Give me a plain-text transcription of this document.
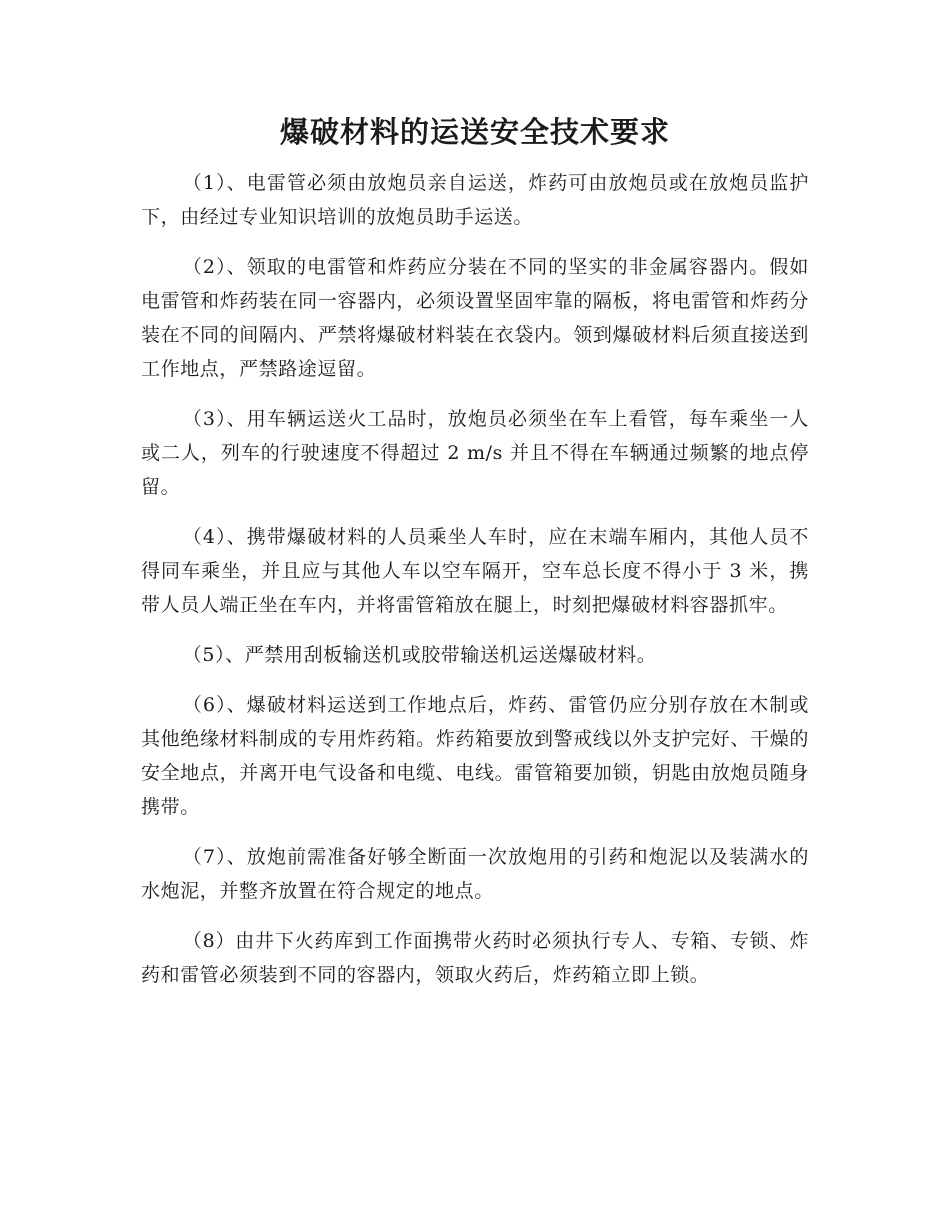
爆破材料的运送安全技术要求

（1）、电雷管必须由放炮员亲自运送，炸药可由放炮员或在放炮员监护下，由经过专业知识培训的放炮员助手运送。

（2）、领取的电雷管和炸药应分装在不同的坚实的非金属容器内。假如电雷管和炸药装在同一容器内，必须设置坚固牢靠的隔板，将电雷管和炸药分装在不同的间隔内、严禁将爆破材料装在衣袋内。领到爆破材料后须直接送到工作地点，严禁路途逗留。

（3）、用车辆运送火工品时，放炮员必须坐在车上看管，每车乘坐一人或二人，列车的行驶速度不得超过 2 m/s 并且不得在车辆通过频繁的地点停留。

（4）、携带爆破材料的人员乘坐人车时，应在末端车厢内，其他人员不得同车乘坐，并且应与其他人车以空车隔开，空车总长度不得小于 3 米，携带人员人端正坐在车内，并将雷管箱放在腿上，时刻把爆破材料容器抓牢。

（5）、严禁用刮板输送机或胶带输送机运送爆破材料。

（6）、爆破材料运送到工作地点后，炸药、雷管仍应分别存放在木制或其他绝缘材料制成的专用炸药箱。炸药箱要放到警戒线以外支护完好、干燥的安全地点，并离开电气设备和电缆、电线。雷管箱要加锁，钥匙由放炮员随身携带。

（7）、放炮前需准备好够全断面一次放炮用的引药和炮泥以及装满水的水炮泥，并整齐放置在符合规定的地点。

（8）由井下火药库到工作面携带火药时必须执行专人、专箱、专锁、炸药和雷管必须装到不同的容器内，领取火药后，炸药箱立即上锁。
